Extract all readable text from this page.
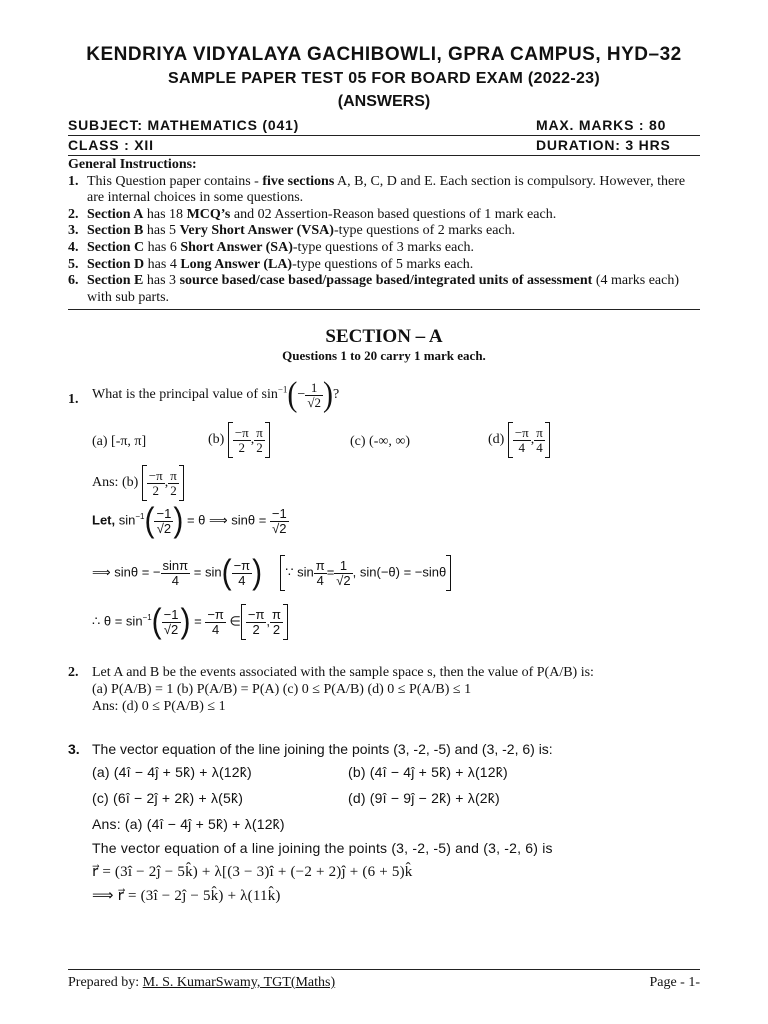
KENDRIYA VIDYALAYA GACHIBOWLI, GPRA CAMPUS, HYD–32
SAMPLE PAPER TEST 05 FOR BOARD EXAM (2022-23)
(ANSWERS)
SUBJECT: MATHEMATICS (041)	MAX. MARKS : 80
CLASS : XII	DURATION: 3 HRS
General Instructions:
1. This Question paper contains - five sections A, B, C, D and E. Each section is compulsory. However, there are internal choices in some questions.
2. Section A has 18 MCQ’s and 02 Assertion-Reason based questions of 1 mark each.
3. Section B has 5 Very Short Answer (VSA)-type questions of 2 marks each.
4. Section C has 6 Short Answer (SA)-type questions of 3 marks each.
5. Section D has 4 Long Answer (LA)-type questions of 5 marks each.
6. Section E has 3 source based/case based/passage based/integrated units of assessment (4 marks each) with sub parts.
SECTION – A
Questions 1 to 20 carry 1 mark each.
1. What is the principal value of $\sin^{-1}(- \frac{1}{√2}$ )?
(a) [-π, π]	$(b) \frac{-\pi}{2}$ , $\frac{\pi}{2}$	(c) (-∞, ∞)	$(d) \frac{-\pi}{4}$ , $\frac{\pi}{4}$
Ans: $(b) \frac{-\pi}{2}$ , $\frac{\pi}{2}$
Let, $\sin^{-1}( \frac{-1}{√2}$ ) = θ ⟹ $\sin\theta = \frac{-1}{√2}$
⟹ sinθ = − $\frac{\sin\pi}{4} = \sin( \frac{-\pi}{4}$ ) ∵ $\sin \frac{\pi}{4} = \frac{1}{√2}$ , sin(−θ) = −sinθ
∴ $\theta = \sin^{-1}( \frac{-1}{√2}$ ) = $\frac{-\pi}{4}$ ∈ $\frac{-\pi}{2}$ , $\frac{\pi}{2}$
2. Let A and B be the events associated with the sample space s, then the value of P(A/B) is:
(a) P(A/B) = 1 (b) P(A/B) = P(A) (c) 0 ≤ P(A/B) (d) 0 ≤ P(A/B) ≤ 1
Ans: (d) 0 ≤ P(A/B) ≤ 1
3. The vector equation of the line joining the points (3, -2, -5) and (3, -2, 6) is:
(a) (4î − 4ĵ + 5k̂) + λ(12k̂)	(b) (4î − 4ĵ + 5k̂) + λ(12k̂)
(c) (6î − 2ĵ + 2k̂) + λ(5k̂)	(d) (9î − 9ĵ − 2k̂) + λ(2k̂)
Ans: (a) (4î − 4ĵ + 5k̂) + λ(12k̂)
The vector equation of a line joining the points (3, -2, -5) and (3, -2, 6) is
r⃗ = (3î − 2ĵ − 5k̂) + λ[(3 − 3)î + (−2 + 2)ĵ + (6 + 5)k̂
⟹ r⃗ = (3î − 2ĵ − 5k̂) + λ(11k̂)
Prepared by: M. S. KumarSwamy, TGT(Maths)	Page - 1-
